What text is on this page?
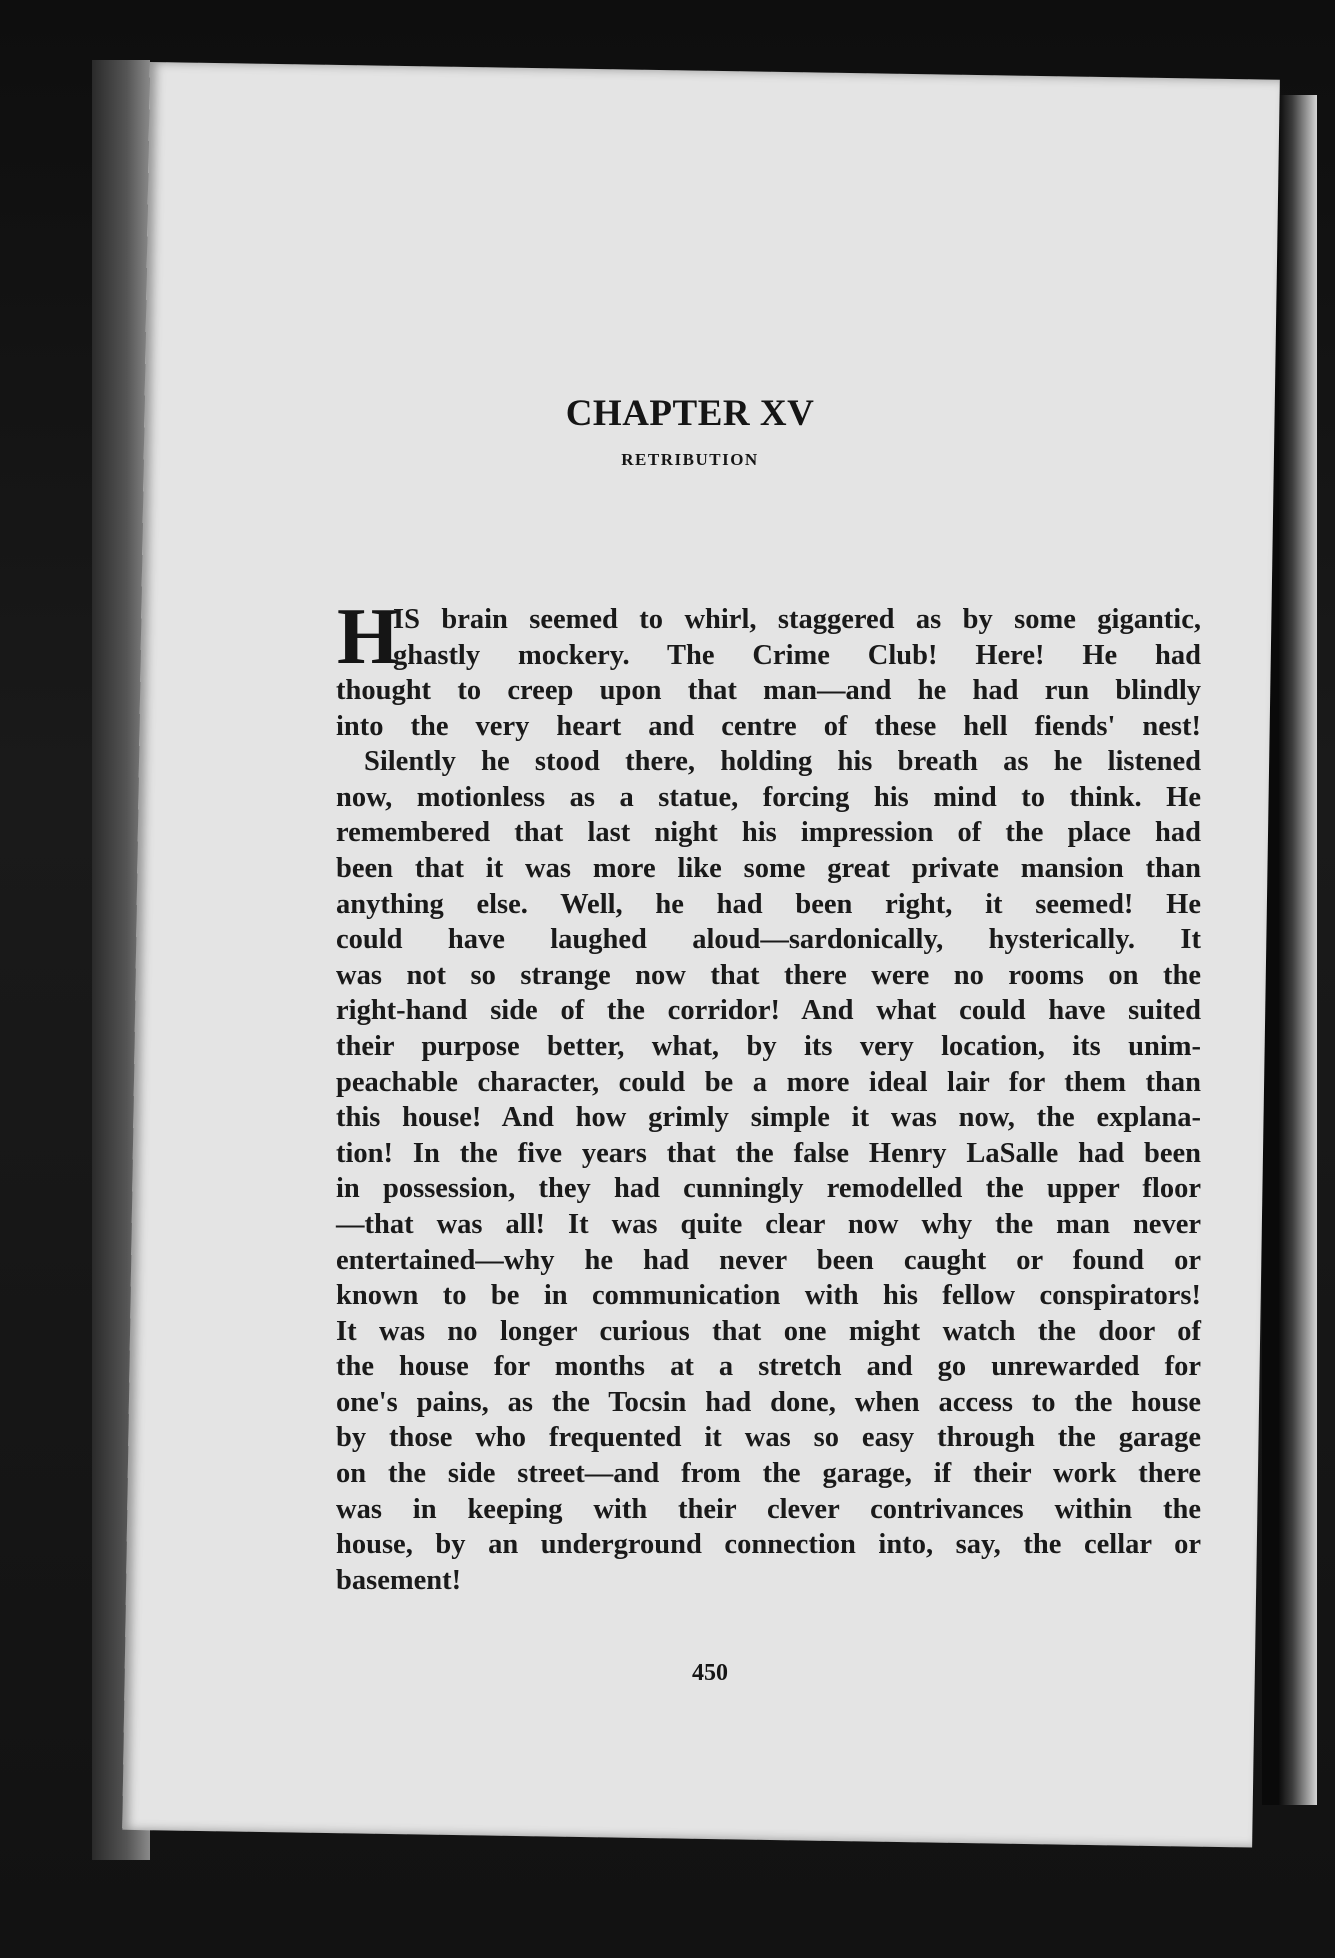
CHAPTER XV
RETRIBUTION
H
IS brain seemed to whirl, staggered as by some gigantic,
ghastly mockery. The Crime Club! Here! He had
thought to creep upon that man—and he had run blindly
into the very heart and centre of these hell fiends' nest!
Silently he stood there, holding his breath as he listened
now, motionless as a statue, forcing his mind to think. He
remembered that last night his impression of the place had
been that it was more like some great private mansion than
anything else. Well, he had been right, it seemed! He
could have laughed aloud—sardonically, hysterically. It
was not so strange now that there were no rooms on the
right-hand side of the corridor! And what could have suited
their purpose better, what, by its very location, its unim-
peachable character, could be a more ideal lair for them than
this house! And how grimly simple it was now, the explana-
tion! In the five years that the false Henry LaSalle had been
in possession, they had cunningly remodelled the upper floor
—that was all! It was quite clear now why the man never
entertained—why he had never been caught or found or
known to be in communication with his fellow conspirators!
It was no longer curious that one might watch the door of
the house for months at a stretch and go unrewarded for
one's pains, as the Tocsin had done, when access to the house
by those who frequented it was so easy through the garage
on the side street—and from the garage, if their work there
was in keeping with their clever contrivances within the
house, by an underground connection into, say, the cellar or
basement!
450
